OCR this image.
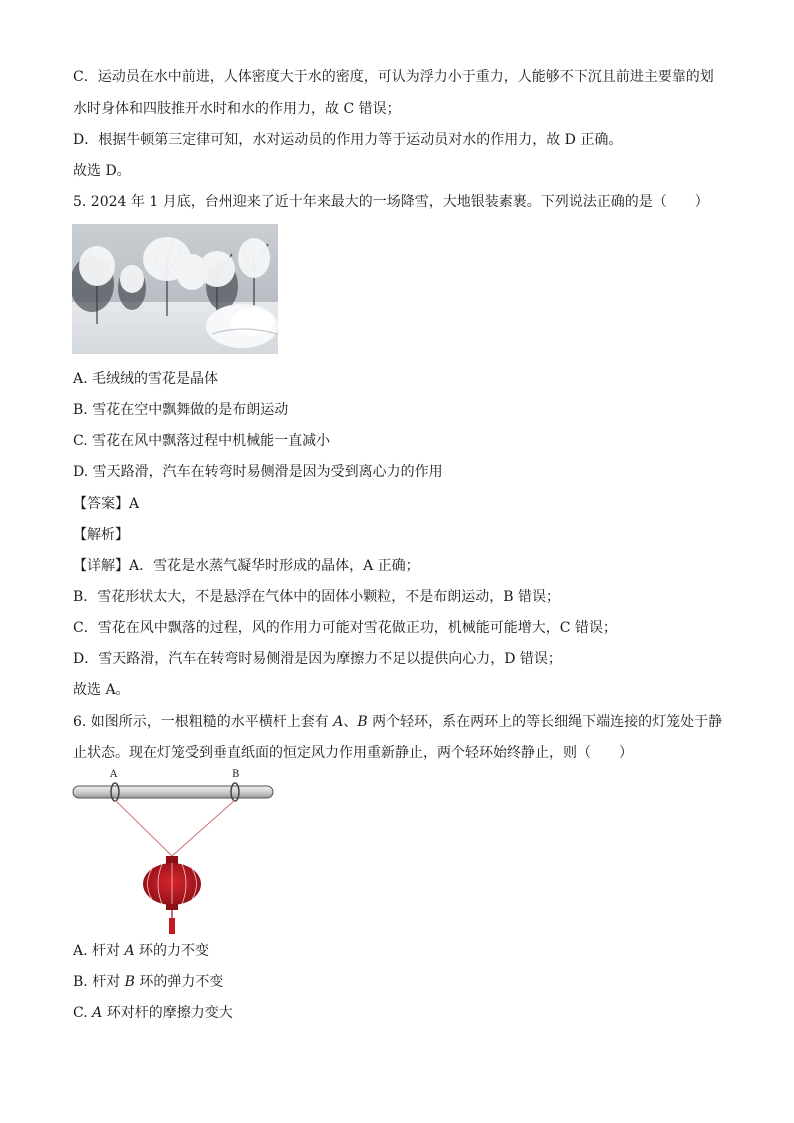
C．运动员在水中前进，人体密度大于水的密度，可认为浮力小于重力，人能够不下沉且前进主要靠的划
水时身体和四肢推开水时和水的作用力，故 C 错误；
D．根据牛顿第三定律可知，水对运动员的作用力等于运动员对水的作用力，故 D 正确。
故选 D。
5. 2024 年 1 月底，台州迎来了近十年来最大的一场降雪，大地银装素裹。下列说法正确的是（　　）
A. 毛绒绒的雪花是晶体
B. 雪花在空中飘舞做的是布朗运动
C. 雪花在风中飘落过程中机械能一直减小
D. 雪天路滑，汽车在转弯时易侧滑是因为受到离心力的作用
【答案】A
【解析】
【详解】A．雪花是水蒸气凝华时形成的晶体，A 正确；
B．雪花形状太大，不是悬浮在气体中的固体小颗粒，不是布朗运动，B 错误；
C．雪花在风中飘落的过程，风的作用力可能对雪花做正功，机械能可能增大，C 错误；
D．雪天路滑，汽车在转弯时易侧滑是因为摩擦力不足以提供向心力，D 错误；
故选 A。
6. 如图所示，一根粗糙的水平横杆上套有 A、B 两个轻环，系在两环上的等长细绳下端连接的灯笼处于静
止状态。现在灯笼受到垂直纸面的恒定风力作用重新静止，两个轻环始终静止，则（　　）
A	B
A. 杆对 A 环的力不变
B. 杆对 B 环的弹力不变
C. A 环对杆的摩擦力变大
